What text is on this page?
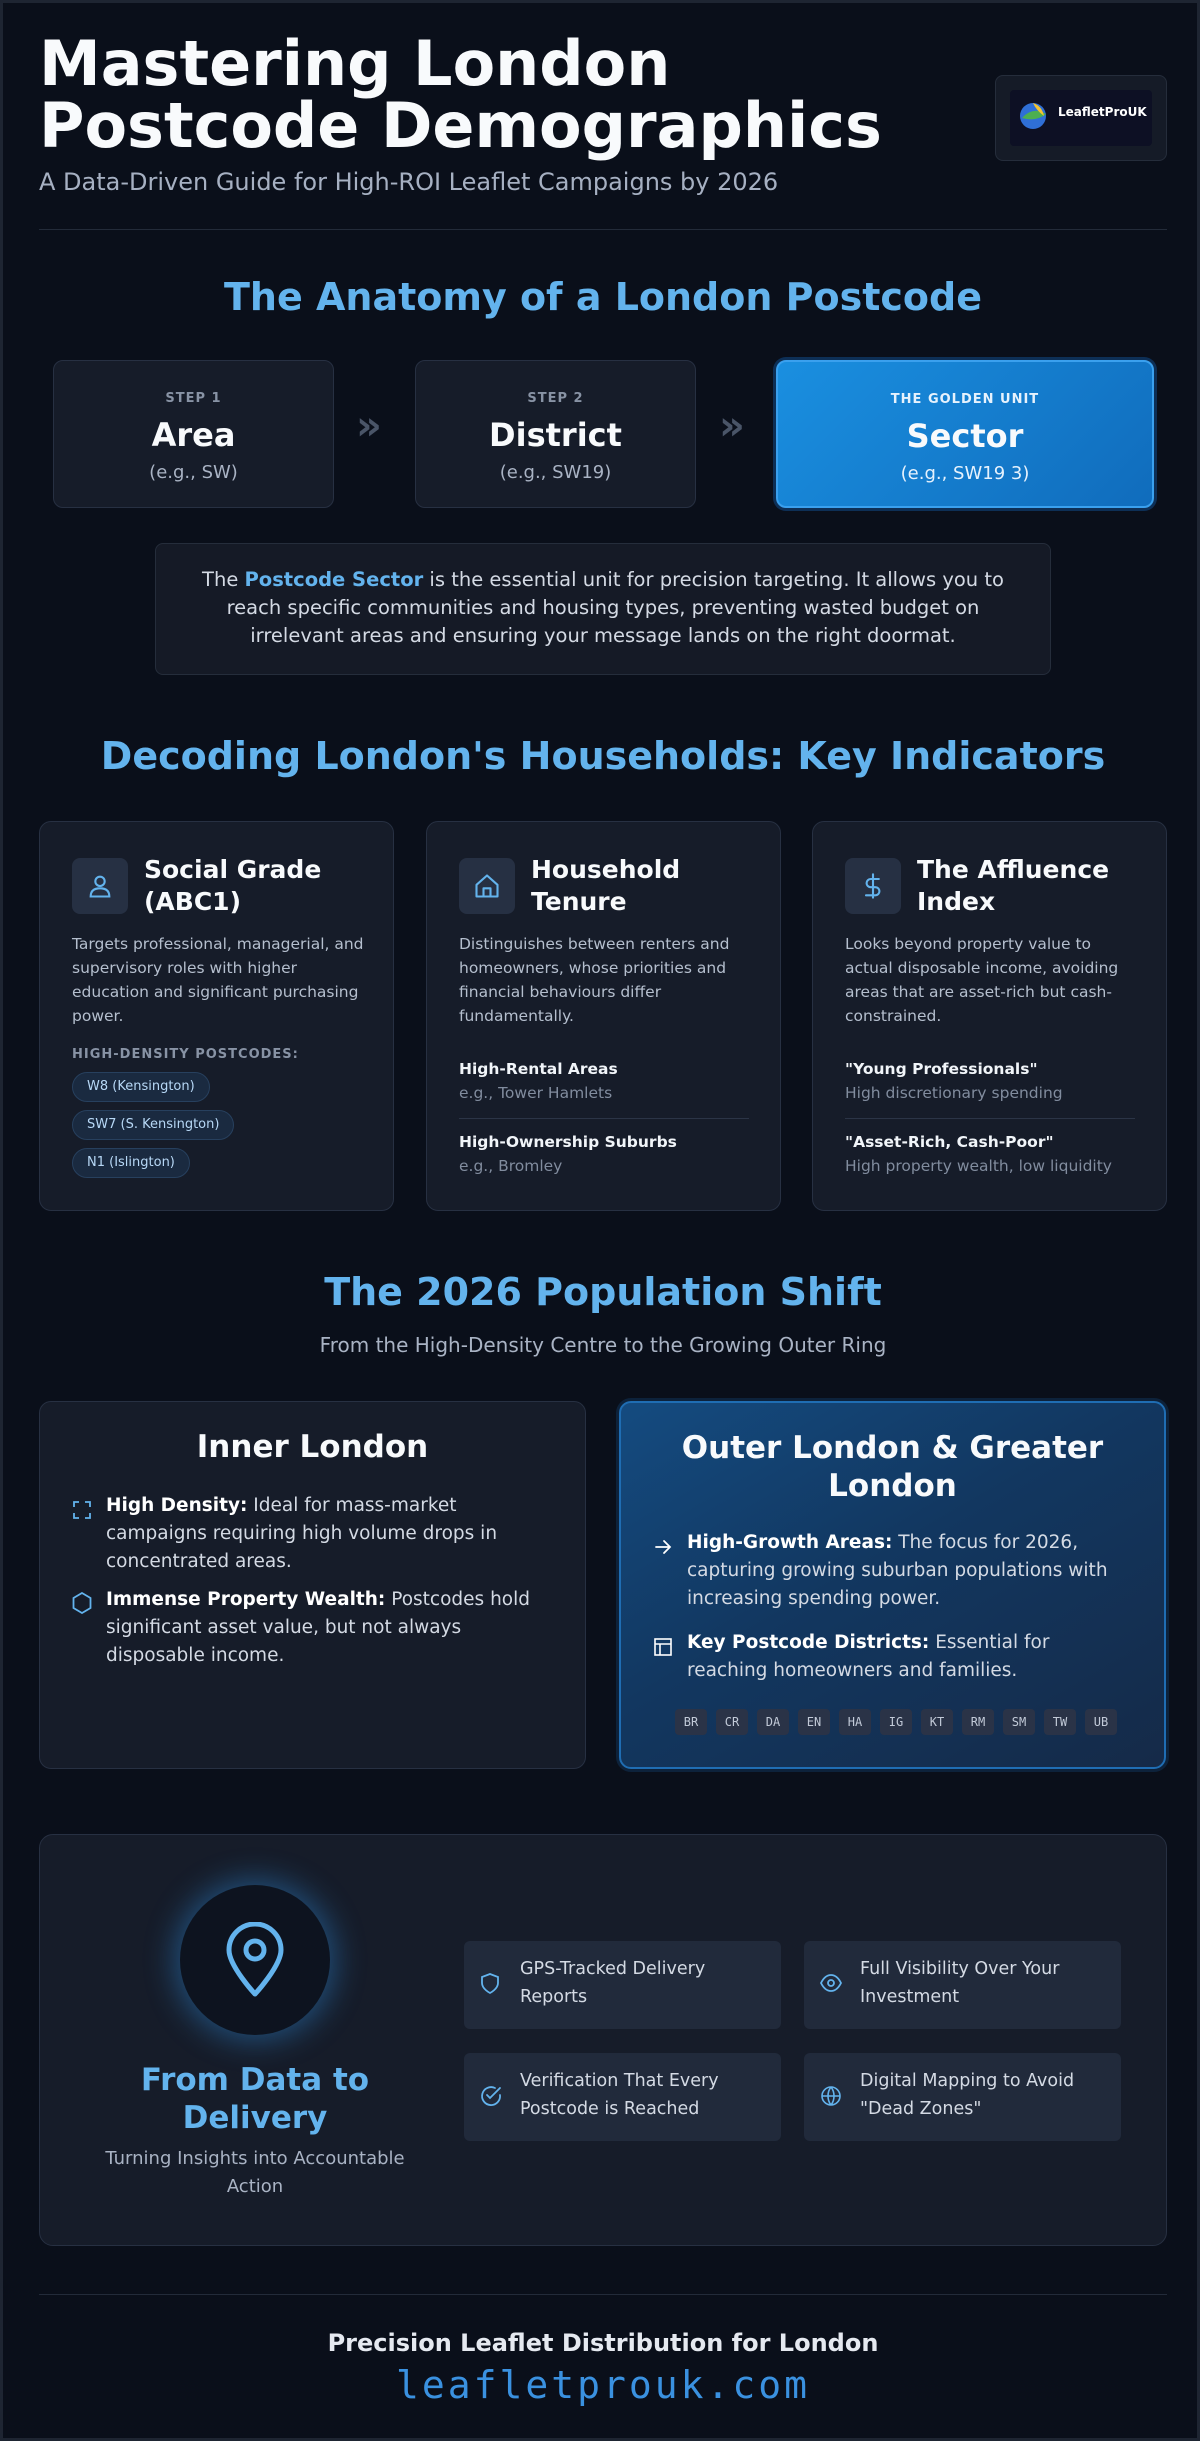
Mastering London Postcode Demographics
A Data-Driven Guide for High-ROI Leaflet Campaigns by 2026
LeafletProUK
The Anatomy of a London Postcode
STEP 1
Area
(e.g., SW)
»
STEP 2
District
(e.g., SW19)
»
THE GOLDEN UNIT
Sector
(e.g., SW19 3)
The Postcode Sector is the essential unit for precision targeting. It allows you to reach specific communities and housing types, preventing wasted budget on irrelevant areas and ensuring your message lands on the right doormat.
Decoding London's Households: Key Indicators
Social Grade (ABC1)
Targets professional, managerial, and supervisory roles with higher education and significant purchasing power.
HIGH-DENSITY POSTCODES:
W8 (Kensington)
SW7 (S. Kensington)
N1 (Islington)
Household Tenure
Distinguishes between renters and homeowners, whose priorities and financial behaviours differ fundamentally.
High-Rental Areas
e.g., Tower Hamlets
High-Ownership Suburbs
e.g., Bromley
The Affluence Index
Looks beyond property value to actual disposable income, avoiding areas that are asset-rich but cash-constrained.
"Young Professionals"
High discretionary spending
"Asset-Rich, Cash-Poor"
High property wealth, low liquidity
The 2026 Population Shift
From the High-Density Centre to the Growing Outer Ring
Inner London
High Density: Ideal for mass-market campaigns requiring high volume drops in concentrated areas.
Immense Property Wealth: Postcodes hold significant asset value, but not always disposable income.
Outer London & Greater London
High-Growth Areas: The focus for 2026, capturing growing suburban populations with increasing spending power.
Key Postcode Districts: Essential for reaching homeowners and families.
BR	CR	DA	EN	HA	IG	KT	RM	SM	TW	UB
From Data to Delivery
Turning Insights into Accountable Action
GPS-Tracked Delivery Reports
Full Visibility Over Your Investment
Verification That Every Postcode is Reached
Digital Mapping to Avoid "Dead Zones"
Precision Leaflet Distribution for London
leafletprouk.com
